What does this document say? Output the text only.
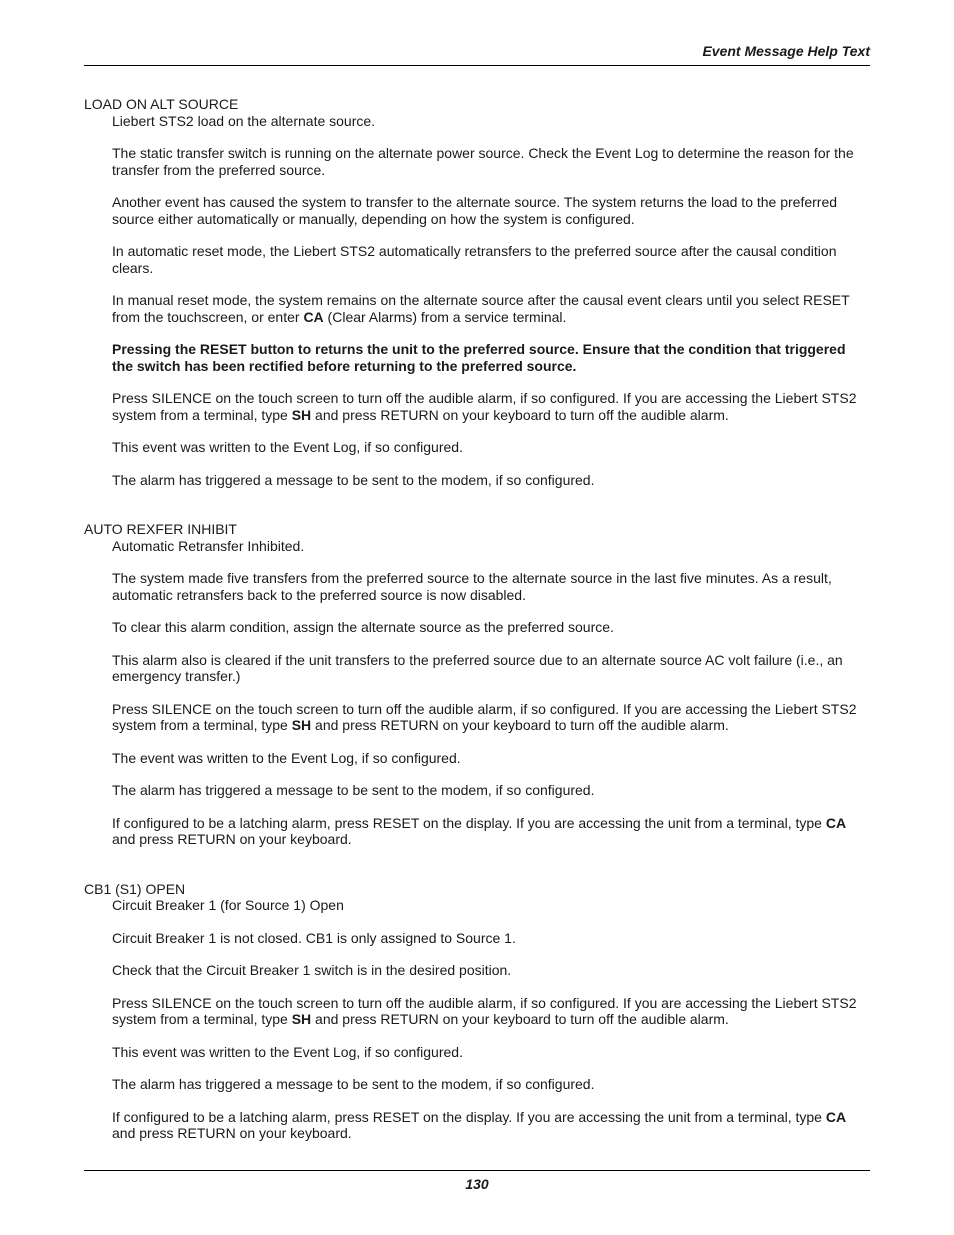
Event Message Help Text
LOAD ON ALT SOURCE

Liebert STS2 load on the alternate source.

The static transfer switch is running on the alternate power source. Check the Event Log to determine the reason for the transfer from the preferred source.

Another event has caused the system to transfer to the alternate source. The system returns the load to the preferred source either automatically or manually, depending on how the system is configured.

In automatic reset mode, the Liebert STS2 automatically retransfers to the preferred source after the causal condition clears.

In manual reset mode, the system remains on the alternate source after the causal event clears until you select RESET from the touchscreen, or enter CA (Clear Alarms) from a service terminal.

Pressing the RESET button to returns the unit to the preferred source. Ensure that the condition that triggered the switch has been rectified before returning to the preferred source.

Press SILENCE on the touch screen to turn off the audible alarm, if so configured. If you are accessing the Liebert STS2 system from a terminal, type SH and press RETURN on your keyboard to turn off the audible alarm.

This event was written to the Event Log, if so configured.

The alarm has triggered a message to be sent to the modem, if so configured.

AUTO REXFER INHIBIT

Automatic Retransfer Inhibited.

The system made five transfers from the preferred source to the alternate source in the last five minutes. As a result, automatic retransfers back to the preferred source is now disabled.

To clear this alarm condition, assign the alternate source as the preferred source.

This alarm also is cleared if the unit transfers to the preferred source due to an alternate source AC volt failure (i.e., an emergency transfer.)

Press SILENCE on the touch screen to turn off the audible alarm, if so configured. If you are accessing the Liebert STS2 system from a terminal, type SH and press RETURN on your keyboard to turn off the audible alarm.

The event was written to the Event Log, if so configured.

The alarm has triggered a message to be sent to the modem, if so configured.

If configured to be a latching alarm, press RESET on the display. If you are accessing the unit from a terminal, type CA and press RETURN on your keyboard.

CB1 (S1) OPEN

Circuit Breaker 1 (for Source 1) Open

Circuit Breaker 1 is not closed. CB1 is only assigned to Source 1.

Check that the Circuit Breaker 1 switch is in the desired position.

Press SILENCE on the touch screen to turn off the audible alarm, if so configured. If you are accessing the Liebert STS2 system from a terminal, type SH and press RETURN on your keyboard to turn off the audible alarm.

This event was written to the Event Log, if so configured.

The alarm has triggered a message to be sent to the modem, if so configured.

If configured to be a latching alarm, press RESET on the display. If you are accessing the unit from a terminal, type CA and press RETURN on your keyboard.

130
